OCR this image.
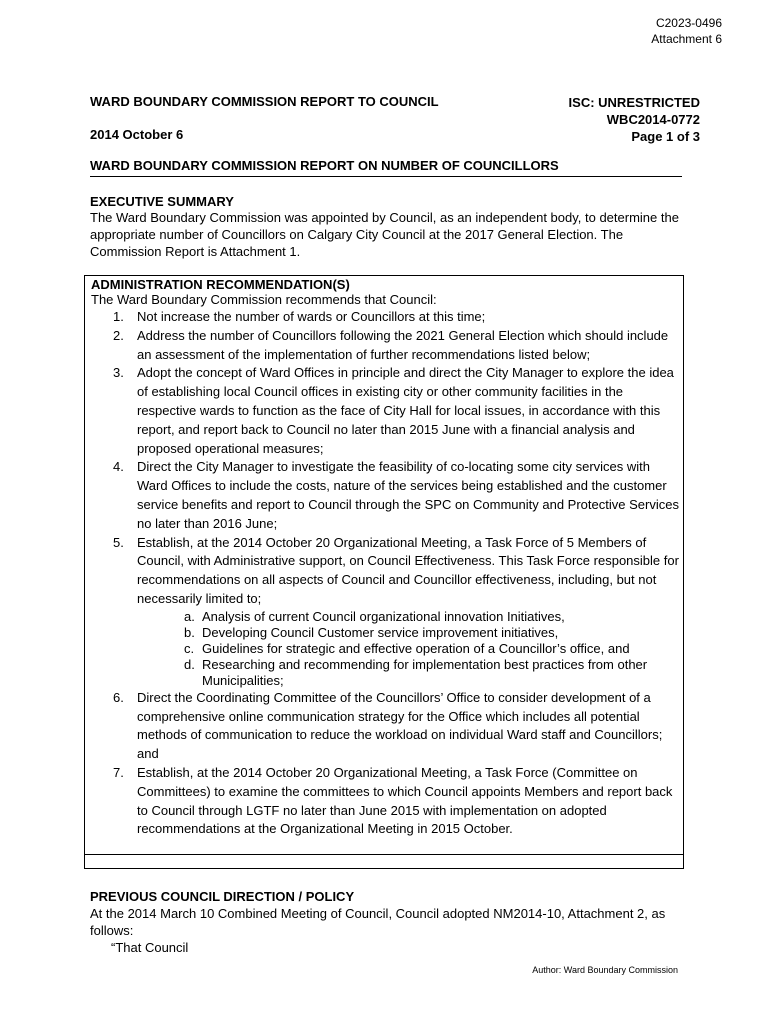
C2023-0496
Attachment 6
WARD BOUNDARY COMMISSION REPORT TO COUNCIL	ISC: UNRESTRICTED
WBC2014-0772
2014 October 6	Page 1 of 3
WARD BOUNDARY COMMISSION REPORT ON NUMBER OF COUNCILLORS
EXECUTIVE SUMMARY
The Ward Boundary Commission was appointed by Council, as an independent body, to determine the appropriate number of Councillors on Calgary City Council at the 2017 General Election. The Commission Report is Attachment 1.
ADMINISTRATION RECOMMENDATION(S)
The Ward Boundary Commission recommends that Council:
1. Not increase the number of wards or Councillors at this time;
2. Address the number of Councillors following the 2021 General Election which should include an assessment of the implementation of further recommendations listed below;
3. Adopt the concept of Ward Offices in principle and direct the City Manager to explore the idea of establishing local Council offices in existing city or other community facilities in the respective wards to function as the face of City Hall for local issues, in accordance with this report, and report back to Council no later than 2015 June with a financial analysis and proposed operational measures;
4. Direct the City Manager to investigate the feasibility of co-locating some city services with Ward Offices to include the costs, nature of the services being established and the customer service benefits and report to Council through the SPC on Community and Protective Services no later than 2016 June;
5. Establish, at the 2014 October 20 Organizational Meeting, a Task Force of 5 Members of Council, with Administrative support, on Council Effectiveness. This Task Force responsible for recommendations on all aspects of Council and Councillor effectiveness, including, but not necessarily limited to;
a. Analysis of current Council organizational innovation Initiatives,
b. Developing Council Customer service improvement initiatives,
c. Guidelines for strategic and effective operation of a Councillor’s office, and
d. Researching and recommending for implementation best practices from other Municipalities;
6. Direct the Coordinating Committee of the Councillors’ Office to consider development of a comprehensive online communication strategy for the Office which includes all potential methods of communication to reduce the workload on individual Ward staff and Councillors; and
7. Establish, at the 2014 October 20 Organizational Meeting, a Task Force (Committee on Committees) to examine the committees to which Council appoints Members and report back to Council through LGTF no later than June 2015 with implementation on adopted recommendations at the Organizational Meeting in 2015 October.
PREVIOUS COUNCIL DIRECTION / POLICY
At the 2014 March 10 Combined Meeting of Council, Council adopted NM2014-10, Attachment 2, as follows:
“That Council
Author: Ward Boundary Commission
